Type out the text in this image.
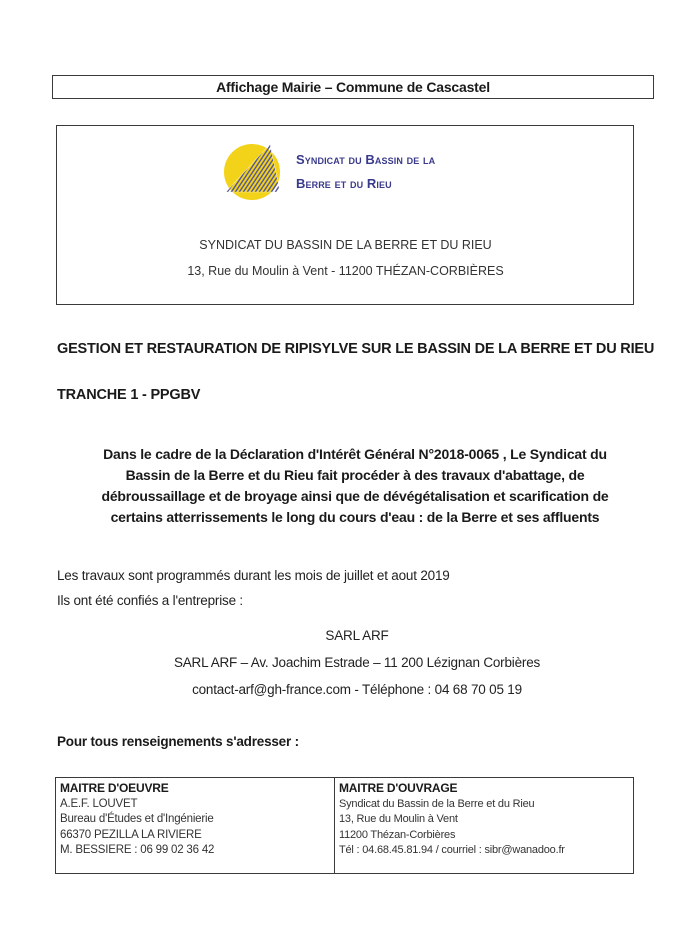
Affichage Mairie – Commune de Cascastel
Syndicat du Bassin de la
Berre et du Rieu
SYNDICAT DU BASSIN DE LA BERRE ET DU RIEU
13, Rue du Moulin à Vent - 11200 THÉZAN-CORBIÈRES
GESTION ET RESTAURATION DE RIPISYLVE SUR LE BASSIN DE LA BERRE ET DU RIEU
TRANCHE 1 - PPGBV
Dans le cadre de la Déclaration d'Intérêt Général N°2018-0065 , Le Syndicat du
Bassin de la Berre et du Rieu fait procéder à des travaux d'abattage, de
débroussaillage et de broyage ainsi que de dévégétalisation et scarification de
certains atterrissements le long du cours d'eau : de la Berre et ses affluents
Les travaux sont programmés durant les mois de juillet et aout 2019
Ils ont été confiés a l'entreprise :
SARL ARF
SARL ARF – Av. Joachim Estrade – 11 200 Lézignan Corbières
contact-arf@gh-france.com - Téléphone : 04 68 70 05 19
Pour tous renseignements s'adresser :
MAITRE D'OEUVRE
A.E.F. LOUVET
Bureau d'Études et d'Ingénierie
66370 PEZILLA LA RIVIERE
M. BESSIERE : 06 99 02 36 42
MAITRE D'OUVRAGE
Syndicat du Bassin de la Berre et du Rieu
13, Rue du Moulin à Vent
11200 Thézan-Corbières
Tél : 04.68.45.81.94 / courriel : sibr@wanadoo.fr
